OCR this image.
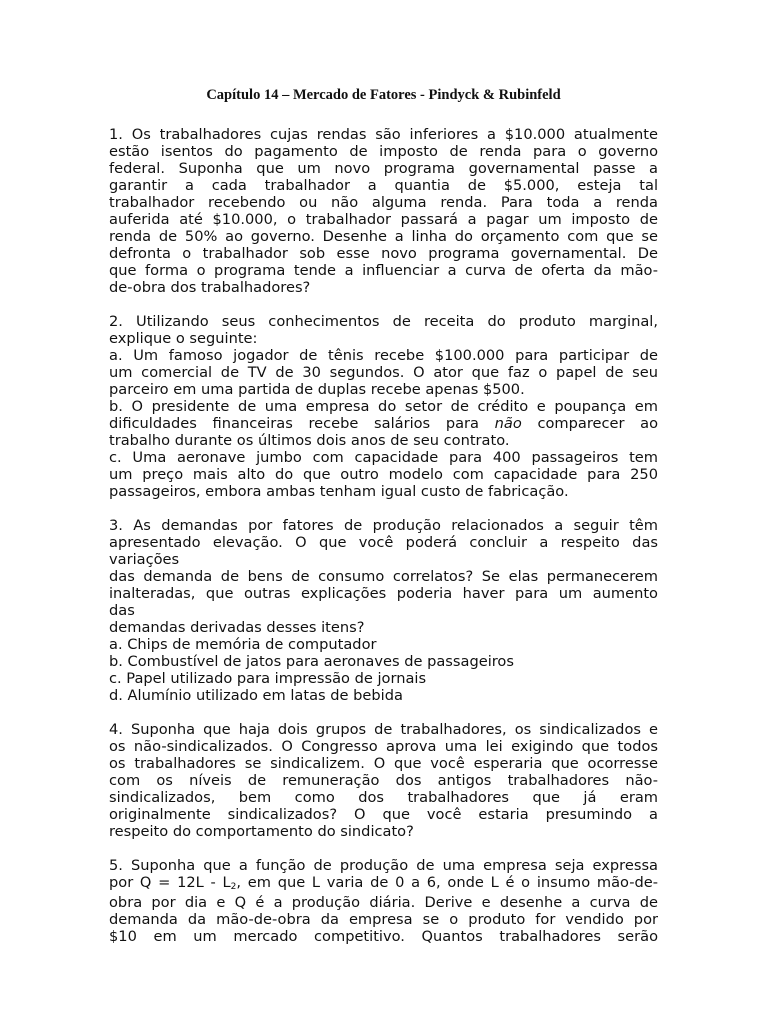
Capítulo 14 – Mercado de Fatores - Pindyck & Rubinfeld
1. Os trabalhadores cujas rendas são inferiores a $10.000 atualmente
estão isentos do pagamento de imposto de renda para o governo
federal. Suponha que um novo programa governamental passe a
garantir a cada trabalhador a quantia de $5.000, esteja tal
trabalhador recebendo ou não alguma renda. Para toda a renda
auferida até $10.000, o trabalhador passará a pagar um imposto de
renda de 50% ao governo. Desenhe a linha do orçamento com que se
defronta o trabalhador sob esse novo programa governamental. De
que forma o programa tende a influenciar a curva de oferta da mão-
de-obra dos trabalhadores?
2. Utilizando seus conhecimentos de receita do produto marginal,
explique o seguinte:
a. Um famoso jogador de tênis recebe $100.000 para participar de
um comercial de TV de 30 segundos. O ator que faz o papel de seu
parceiro em uma partida de duplas recebe apenas $500.
b. O presidente de uma empresa do setor de crédito e poupança em
dificuldades financeiras recebe salários para não comparecer ao
trabalho durante os últimos dois anos de seu contrato.
c. Uma aeronave jumbo com capacidade para 400 passageiros tem
um preço mais alto do que outro modelo com capacidade para 250
passageiros, embora ambas tenham igual custo de fabricação.
3. As demandas por fatores de produção relacionados a seguir têm
apresentado elevação. O que você poderá concluir a respeito das
variações
das demanda de bens de consumo correlatos? Se elas permanecerem
inalteradas, que outras explicações poderia haver para um aumento
das
demandas derivadas desses itens?
a. Chips de memória de computador
b. Combustível de jatos para aeronaves de passageiros
c. Papel utilizado para impressão de jornais
d. Alumínio utilizado em latas de bebida
4. Suponha que haja dois grupos de trabalhadores, os sindicalizados e
os não-sindicalizados. O Congresso aprova uma lei exigindo que todos
os trabalhadores se sindicalizem. O que você esperaria que ocorresse
com os níveis de remuneração dos antigos trabalhadores não-
sindicalizados, bem como dos trabalhadores que já eram
originalmente sindicalizados? O que você estaria presumindo a
respeito do comportamento do sindicato?
5. Suponha que a função de produção de uma empresa seja expressa
por $Q = 12L - L_2$, em que L varia de 0 a 6, onde L é o insumo mão-de-
obra por dia e Q é a produção diária. Derive e desenhe a curva de
demanda da mão-de-obra da empresa se o produto for vendido por
$10 em um mercado competitivo. Quantos trabalhadores serão
